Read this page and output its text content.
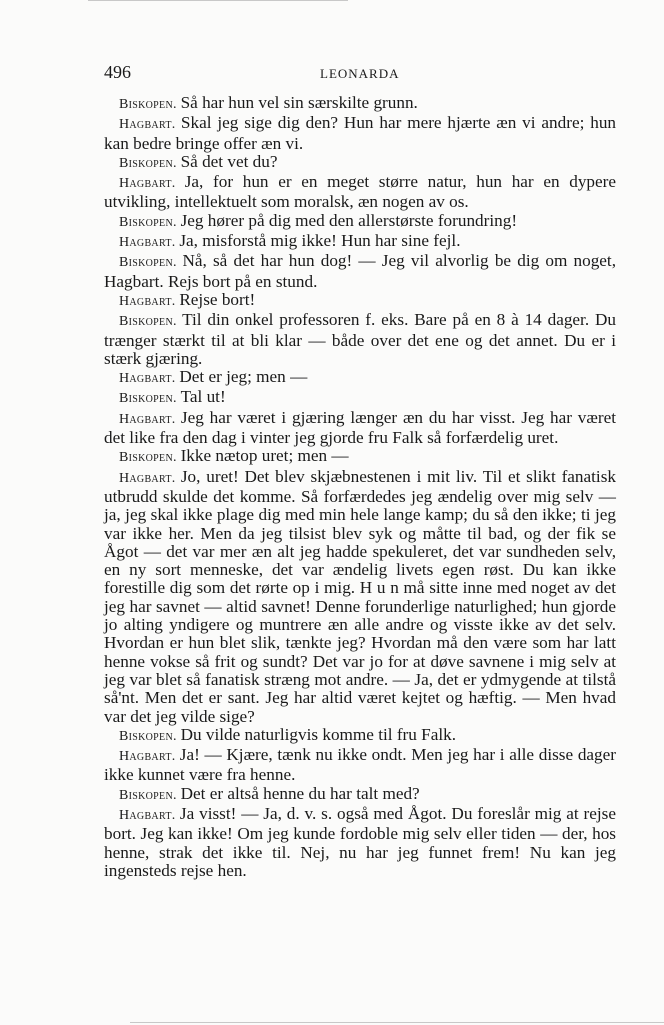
496	LEONARDA

Biskopen . Så har hun vel sin særskilte grunn.

Hagbart . Skal jeg sige dig den? Hun har mere hjærte æn vi andre; hun kan bedre bringe offer æn vi.

Biskopen . Så det vet du?

Hagbart . Ja, for hun er en meget større natur, hun har en dypere utvikling, intellektuelt som moralsk, æn nogen av os.

Biskopen . Jeg hører på dig med den allerstørste forundring!

Hagbart . Ja, misforstå mig ikke! Hun har sine fejl.

Biskopen . Nå, så det har hun dog! — Jeg vil alvorlig be dig om noget, Hagbart. Rejs bort på en stund.

Hagbart . Rejse bort!

Biskopen . Til din onkel professoren f. eks. Bare på en 8 à 14 dager. Du trænger stærkt til at bli klar — både over det ene og det annet. Du er i stærk gjæring.

Hagbart . Det er jeg; men —

Biskopen . Tal ut!

Hagbart . Jeg har været i gjæring længer æn du har visst. Jeg har været det like fra den dag i vinter jeg gjorde fru Falk så forfærdelig uret.

Biskopen . Ikke nætop uret; men —

Hagbart . Jo, uret! Det blev skjæbnestenen i mit liv. Til et slikt fanatisk utbrudd skulde det komme. Så forfærdedes jeg ændelig over mig selv — ja, jeg skal ikke plage dig med min hele lange kamp; du så den ikke; ti jeg var ikke her. Men da jeg tilsist blev syk og måtte til bad, og der fik se Ågot — det var mer æn alt jeg hadde spekuleret, det var sundheden selv, en ny sort menneske, det var ændelig livets egen røst. Du kan ikke forestille dig som det rørte op i mig. H u n må sitte inne med noget av det jeg har savnet — altid savnet! Denne forunderlige naturlighed; hun gjorde jo alting yndigere og muntrere æn alle andre og visste ikke av det selv. Hvordan er hun blet slik, tænkte jeg? Hvordan må den være som har latt henne vokse så frit og sundt? Det var jo for at døve savnene i mig selv at jeg var blet så fanatisk stræng mot andre. — Ja, det er ydmygende at tilstå så'nt. Men det er sant. Jeg har altid været kejtet og hæftig. — Men hvad var det jeg vilde sige?

Biskopen . Du vilde naturligvis komme til fru Falk.

Hagbart . Ja! — Kjære, tænk nu ikke ondt. Men jeg har i alle disse dager ikke kunnet være fra henne.

Biskopen . Det er altså henne du har talt med?

Hagbart . Ja visst! — Ja, d. v. s. også med Ågot. Du foreslår mig at rejse bort. Jeg kan ikke! Om jeg kunde fordoble mig selv eller tiden — der, hos henne, strak det ikke til. Nej, nu har jeg funnet frem! Nu kan jeg ingensteds rejse hen.
